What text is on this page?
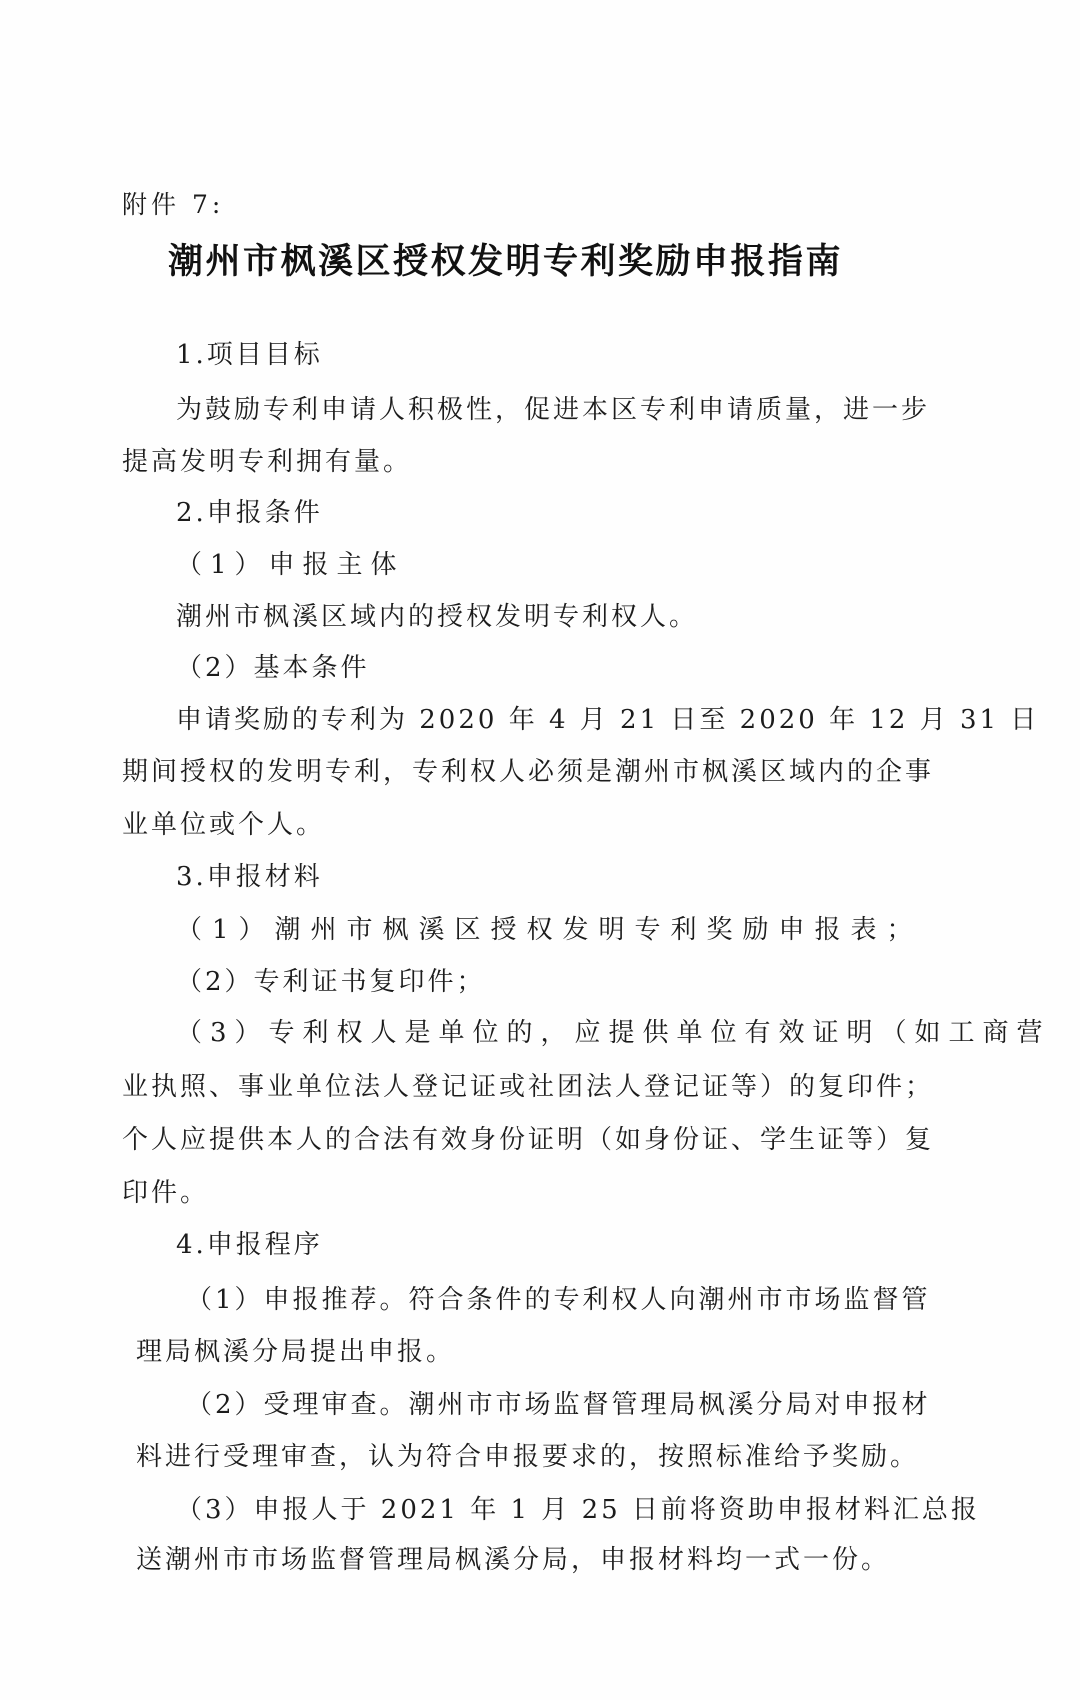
附件 7:
潮州市枫溪区授权发明专利奖励申报指南
1.项目目标
为鼓励专利申请人积极性，促进本区专利申请质量，进一步
提高发明专利拥有量。
2.申报条件
（1）申报主体
潮州市枫溪区域内的授权发明专利权人。
（2）基本条件
申请奖励的专利为 2020 年 4 月 21 日至 2020 年 12 月 31 日
期间授权的发明专利，专利权人必须是潮州市枫溪区域内的企事
业单位或个人。
3.申报材料
（1）潮州市枫溪区授权发明专利奖励申报表；
（2）专利证书复印件；
（3）专利权人是单位的，应提供单位有效证明（如工商营
业执照、事业单位法人登记证或社团法人登记证等）的复印件；
个人应提供本人的合法有效身份证明（如身份证、学生证等）复
印件。
4.申报程序
（1）申报推荐。符合条件的专利权人向潮州市市场监督管
理局枫溪分局提出申报。
（2）受理审查。潮州市市场监督管理局枫溪分局对申报材
料进行受理审查，认为符合申报要求的，按照标准给予奖励。
（3）申报人于 2021 年 1 月 25 日前将资助申报材料汇总报
送潮州市市场监督管理局枫溪分局，申报材料均一式一份。
